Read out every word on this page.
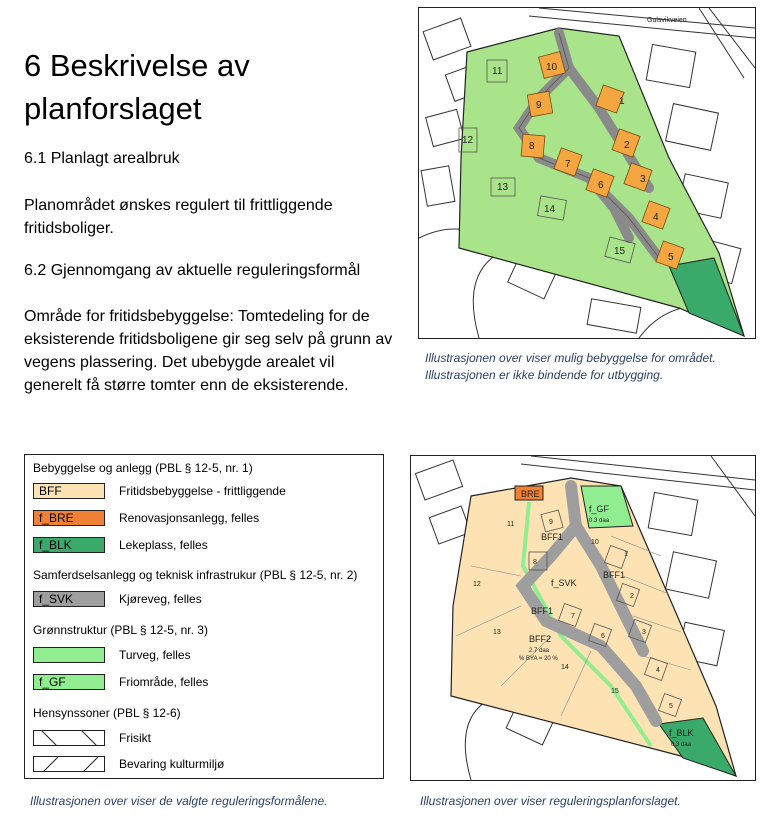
6 Beskrivelse av planforslaget

6.1 Planlagt arealbruk

Planområdet ønskes regulert til frittliggende fritidsboliger.

6.2 Gjennomgang av aktuelle reguleringsformål

Område for fritidsbebyggelse: Tomtedeling for de eksisterende fritidsboligene gir seg selv på grunn av vegens plassering. Det ubebygde arealet vil generelt få større tomter enn de eksisterende.

1
2
3
4
5
6
7
8
9
10
11
12
13
14
15
Gulsvikveien

Illustrasjonen over viser mulig bebyggelse for området. Illustrasjonen er ikke bindende for utbygging.

Bebyggelse og anlegg (PBL § 12-5, nr. 1)
BFF	Fritidsbebyggelse - frittliggende
f_BRE	Renovasjonsanlegg, felles
f_BLK	Lekeplass, felles
Samferdselsanlegg og teknisk infrastrukur (PBL § 12-5, nr. 2)
f_SVK	Kjøreveg, felles
Grønnstruktur (PBL § 12-5, nr. 3)
Turveg, felles
f_GF	Friområde, felles
Hensynssoner (PBL § 12-6)
Frisikt
Bevaring kulturmiljø

Illustrasjonen over viser de valgte reguleringsformålene.

BFF1
BFF1
BFF1
BFF2
2.7 daa
% BYA = 20 %
f_SVK
f_GF
0.3 daa
f_BLK
0.3 daa
BRE
12
13
14
15
1
2
3
4
5
6
7
8
9
10
11

Illustrasjonen over viser reguleringsplanforslaget.
